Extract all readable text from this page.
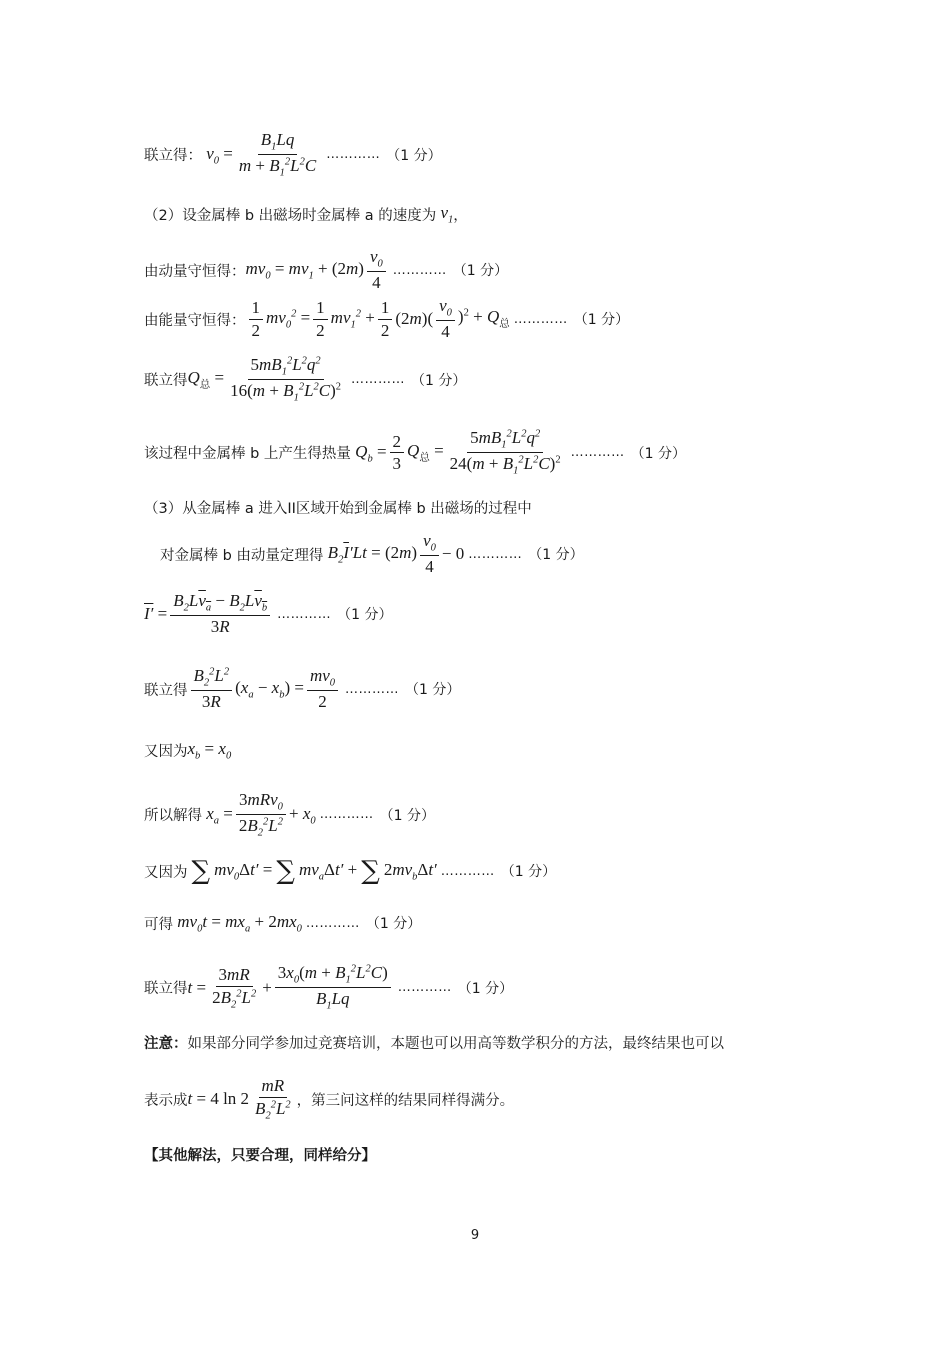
联立得： $v_0 = \frac{B_1Lq}{m + B_1^2L^2C}$ ………… （1 分）
（2）设金属棒 b 出磁场时金属棒 a 的速度为 $v_1$ ，
由动量守恒得： $mv_0 = mv_1 + (2m) \frac{v_0}{4}$ ………… （1 分）
由能量守恒得： $\frac{1}{2} mv_0^2 = \frac{1}{2} mv_1^2 + \frac{1}{2} (2m)( \frac{v_0}{4} )^2 + Q_总$ ………… （1 分）
联立得 $Q_总 = \frac{5mB_1^2L^2q^2}{16(m + B_1^2L^2C)^2}$ ………… （1 分）
该过程中金属棒 b 上产生得热量 $Q_b = \frac{2}{3} Q_总 = \frac{5mB_1^2L^2q^2}{24(m + B_1^2L^2C)^2}$ ………… （1 分）
（3）从金属棒 a 进入II区域开始到金属棒 b 出磁场的过程中
对金属棒 b 由动量定理得 $B_2\overline{I}'Lt = (2m) \frac{v_0}{4} - 0$ ………… （1 分）
$I' = \frac{B_2Lv_a - B_2Lv_b}{3R}$ ………… （1 分）
联立得 $\frac{B_2^2L^2}{3R} (x_a - x_b) = \frac{mv_0}{2}$ ………… （1 分）
又因为 $x_b = x_0$
所以解得 $x_a = \frac{3mRv_0}{2B_2^2L^2} + x_0$ ………… （1 分）
又因为 ∑ $mv_0\Delta t'$ = ∑ $mv_a\Delta t'$ + ∑ $2mv_b\Delta t'$ ………… （1 分）
可得 $mv_0t = mx_a + 2mx_0$ ………… （1 分）
联立得 $t = \frac{3mR}{2B_2^2L^2} + \frac{3x_0(m + B_1^2L^2C)}{B_1Lq}$ ………… （1 分）
注意： 如果部分同学参加过竞赛培训，本题也可以用高等数学积分的方法，最终结果也可以
表示成 t = 4 $\ln 2 \frac{mR}{B_2^2L^2}$ ，第三问这样的结果同样得满分。
【其他解法，只要合理，同样给分】
9
